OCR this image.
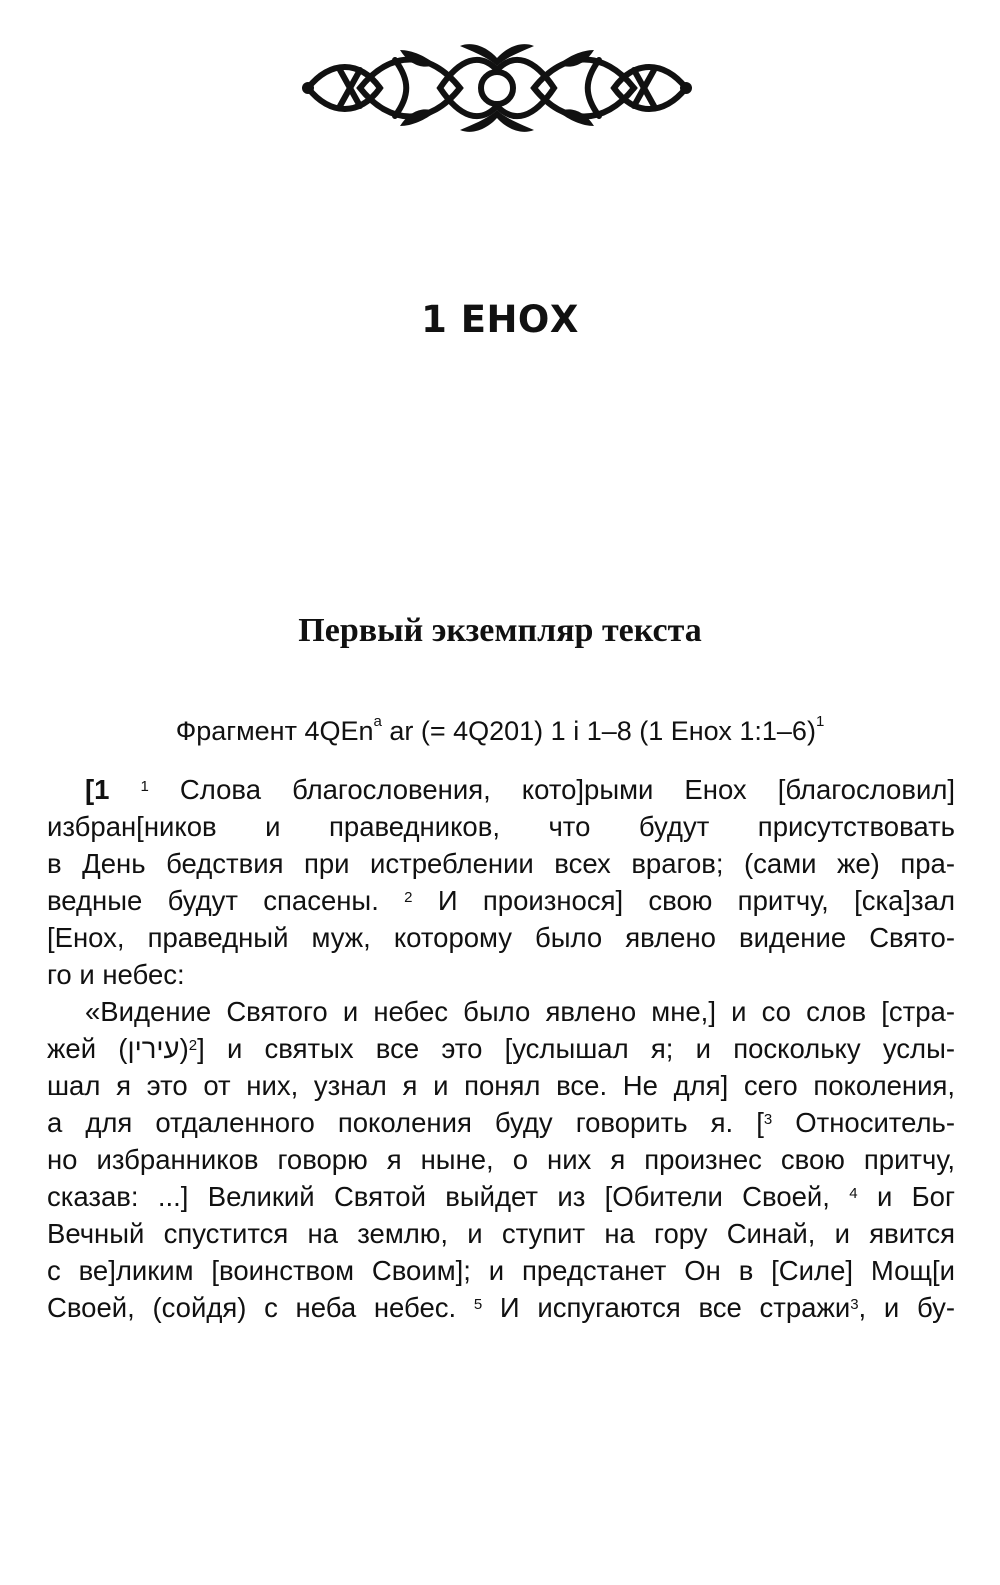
1 ЕНОХ
Первый экземпляр текста
Фрагмент 4QEn$^a$ ar (= 4Q201) 1 i 1–8 (1 Енох 1:1–6)$^1$
[1 $^1$ Слова благословения, кото]рыми Енох [благословил]
избран[ников и праведников, что будут присутствовать
в День бедствия при истреблении всех врагов; (сами же) пра-
ведные будут спасены. $^2$ И произнося] свою притчу, [ска]зал
[Енох, праведный муж, которому было явлено видение Свято-
го и небес:
«Видение Святого и небес было явлено мне,] и со слов [стра-
жей (עירין)$^2$] и святых все это [услышал я; и поскольку услы-
шал я это от них, узнал я и понял все. Не для] сего поколения,
а для отдаленного поколения буду говорить я. [$^3$ Относитель-
но избранников говорю я ныне, о них я произнес свою притчу,
сказав: ...] Великий Святой выйдет из [Обители Своей, $^4$ и Бог
Вечный спустится на землю, и ступит на гору Синай, и явится
с ве]ликим [воинством Своим]; и предстанет Он в [Силе] Мощ[и
Своей, (сойдя) с неба небес. $^5$ И испугаются все стражи$^3$, и бу-
